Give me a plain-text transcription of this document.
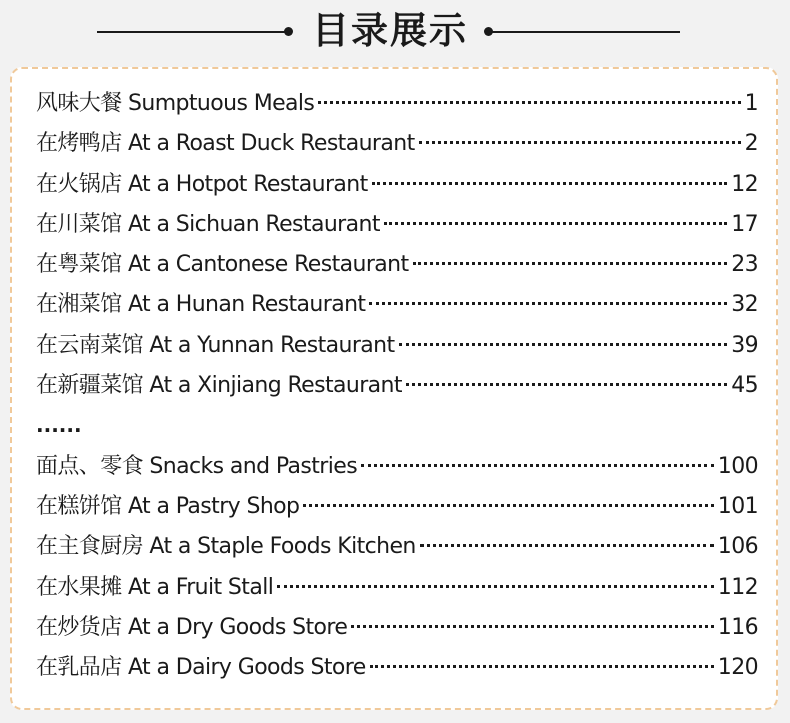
目录展示
风味大餐 Sumptuous Meals	1
在烤鸭店 At a Roast Duck Restaurant	2
在火锅店 At a Hotpot Restaurant	12
在川菜馆 At a Sichuan Restaurant	17
在粤菜馆 At a Cantonese Restaurant	23
在湘菜馆 At a Hunan Restaurant	32
在云南菜馆 At a Yunnan Restaurant	39
在新疆菜馆 At a Xinjiang Restaurant	45
......
面点、零食 Snacks and Pastries	100
在糕饼馆 At a Pastry Shop	101
在主食厨房 At a Staple Foods Kitchen	106
在水果摊 At a Fruit Stall	112
在炒货店 At a Dry Goods Store	116
在乳品店 At a Dairy Goods Store	120
